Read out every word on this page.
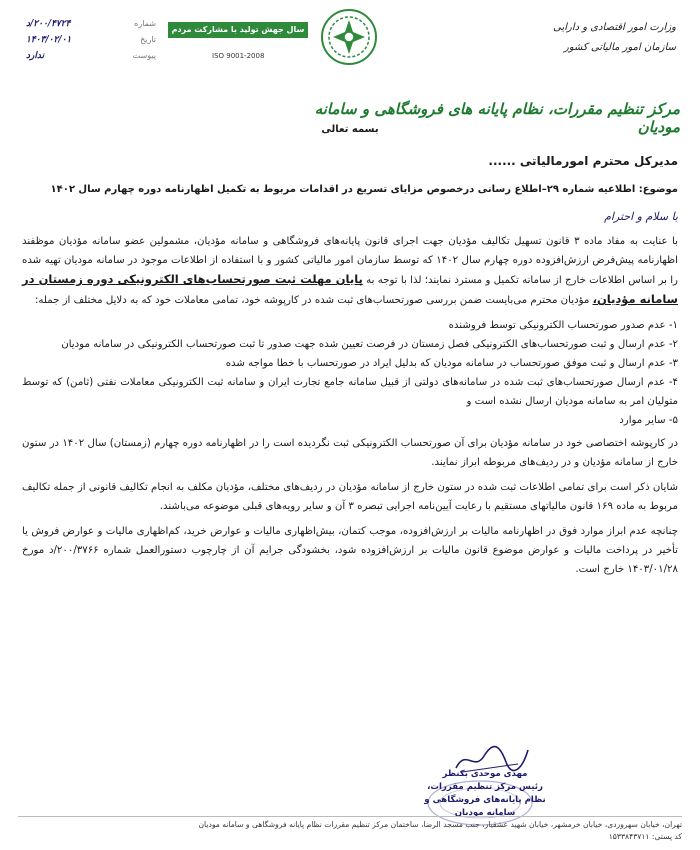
وزارت امور اقتصادی و دارایی
سازمان امور مالیاتی کشور
سال جهش تولید با مشارکت مردم
ISO 9001-2008
شماره
۲۰۰/۴۷۲۴/د
تاریخ
۱۴۰۳/۰۲/۰۱
پیوست
ندارد
مرکز تنظیم مقررات، نظام پایانه های فروشگاهی و سامانه مودیان
بسمه تعالی
مدیرکل محترم امورمالیاتی ......
موضوع: اطلاعیه شماره ۲۹–اطلاع رسانی درخصوص مزایای تسریع در اقدامات مربوط به تکمیل اظهارنامه دوره چهارم سال ۱۴۰۲
با سلام و احترام

با عنایت به مفاد ماده ۳ قانون تسهیل تکالیف مؤدیان جهت اجرای قانون پایانه‌های فروشگاهی و سامانه مؤدیان، مشمولین عضو سامانه مؤدیان موظفند اظهارنامه پیش‌فرض ارزش‌افزوده دوره چهارم سال ۱۴۰۲ که توسط سازمان امور مالیاتی کشور و با استفاده از اطلاعات موجود در سامانه مودیان تهیه شده را بر اساس اطلاعات خارج از سامانه تکمیل و مسترد نمایند؛ لذا با توجه به پایان مهلت ثبت صورتحساب‌های الکترونیکی دوره زمستان در سامانه مؤدیان، مؤدیان محترم می‌بایست ضمن بررسی صورتحساب‌های ثبت شده در کارپوشه خود، تمامی معاملات خود که به دلایل مختلف از جمله:

۱- عدم صدور صورتحساب الکترونیکی توسط فروشنده
۲- عدم ارسال و ثبت صورتحساب‌های الکترونیکی فصل زمستان در فرصت تعیین شده جهت صدور تا ثبت صورتحساب الکترونیکی در سامانه مودیان
۳- عدم ارسال و ثبت موفق صورتحساب در سامانه مودیان که بدلیل ایراد در صورتحساب با خطا مواجه شده
۴- عدم ارسال صورتحساب‌های ثبت شده در سامانه‌های دولتی از قبیل سامانه جامع تجارت ایران و سامانه ثبت الکترونیکی معاملات نفتی (ثامن) که توسط متولیان امر به سامانه مودیان ارسال نشده است و
۵- سایر موارد

در کارپوشه اختصاصی خود در سامانه مؤدیان برای آن صورتحساب الکترونیکی ثبت نگردیده است را در اظهارنامه دوره چهارم (زمستان) سال ۱۴۰۲ در ستون خارج از سامانه مؤدیان و در ردیف‌های مربوطه ابراز نمایند.

شایان ذکر است برای تمامی اطلاعات ثبت شده در ستون خارج از سامانه مؤدیان در ردیف‌های مختلف، مؤدیان مکلف به انجام تکالیف قانونی از جمله تکالیف مربوط به ماده ۱۶۹ قانون مالیاتهای مستقیم با رعایت آیین‌نامه اجرایی تبصره ۳ آن و سایر رویه‌های قبلی موضوعه می‌باشند.

چنانچه عدم ابراز موارد فوق در اظهارنامه مالیات بر ارزش‌افزوده، موجب کتمان، بیش‌اظهاری مالیات و عوارض خرید، کم‌اظهاری مالیات و عوارض فروش یا تأخیر در پرداخت مالیات و عوارض موضوع قانون مالیات بر ارزش‌افزوده شود، بخشودگی جرایم آن از چارچوب دستورالعمل شماره ۲۰۰/۳۷۶۶/د مورخ ۱۴۰۳/۰۱/۲۸ خارج است.

مهدی موحدی بکنظر
رئیس مرکز تنظیم مقررات،
نظام پایانه‌های فروشگاهی و سامانه مودیان
تهران، خیابان سهروردی، خیابان خرمشهر، خیابان شهید عشقیار، جنب مسجد الرضا، ساختمان مرکز تنظیم مقررات نظام پایانه فروشگاهی و سامانه مودیان
کد پستی: ۱۵۳۳۸۴۳۷۱۱
